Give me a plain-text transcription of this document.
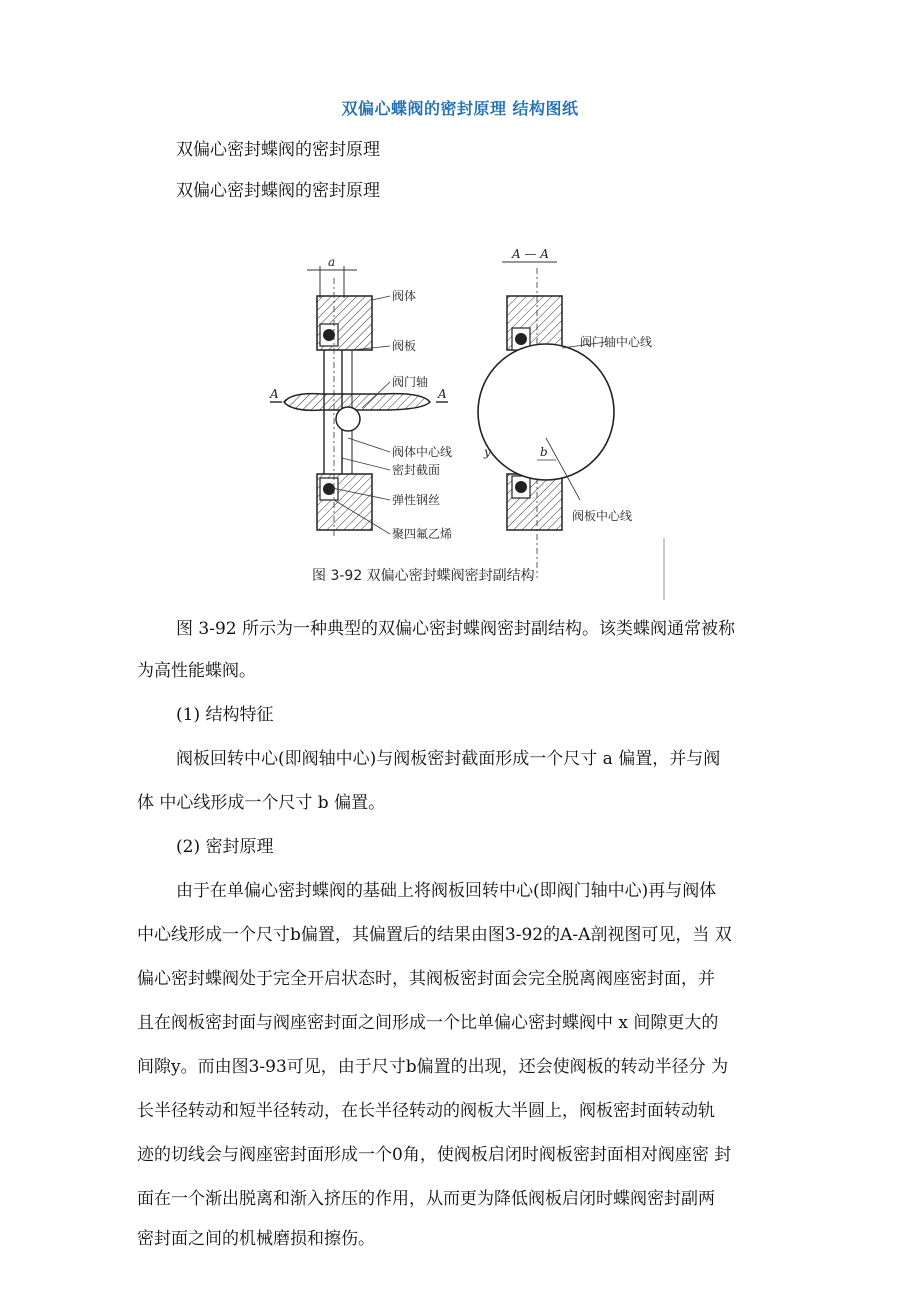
双偏心蝶阀的密封原理 结构图纸
双偏心密封蝶阀的密封原理
双偏心密封蝶阀的密封原理
a
A	A
阀体
阀板
阀门轴
阀体中心线
密封截面
弹性钢丝
聚四氟乙烯
A — A
b
y
阀门轴中心线
阀板中心线
图 3-92 双偏心密封蝶阀密封副结构
图 3-92 所示为一种典型的双偏心密封蝶阀密封副结构。该类蝶阀通常被称
为高性能蝶阀。
(1) 结构特征
阀板回转中心(即阀轴中心)与阀板密封截面形成一个尺寸 a 偏置，并与阀
体 中心线形成一个尺寸 b 偏置。
(2) 密封原理
由于在单偏心密封蝶阀的基础上将阀板回转中心(即阀门轴中心)再与阀体
中心线形成一个尺寸b偏置，其偏置后的结果由图3-92的A-A剖视图可见，当 双
偏心密封蝶阀处于完全开启状态时，其阀板密封面会完全脱离阀座密封面，并
且在阀板密封面与阀座密封面之间形成一个比单偏心密封蝶阀中 x 间隙更大的
间隙y。而由图3-93可见，由于尺寸b偏置的出现，还会使阀板的转动半径分 为
长半径转动和短半径转动，在长半径转动的阀板大半圆上，阀板密封面转动轨
迹的切线会与阀座密封面形成一个0角，使阀板启闭时阀板密封面相对阀座密 封
面在一个渐出脱离和渐入挤压的作用，从而更为降低阀板启闭时蝶阀密封副两
密封面之间的机械磨损和擦伤。
